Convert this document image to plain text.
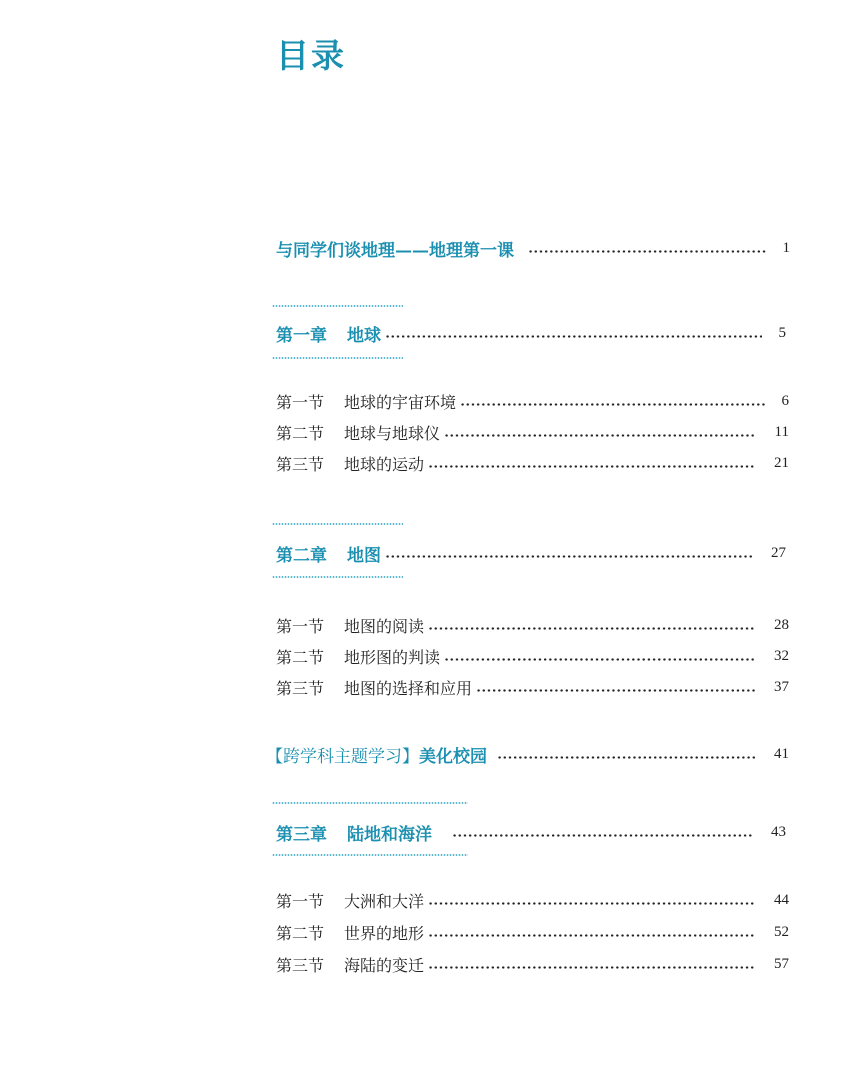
目录
与同学们谈地理——地理第一课	1
第一章 地球	5
第一节 地球的宇宙环境	6
第二节 地球与地球仪	11
第三节 地球的运动	21
第二章 地图	27
第一节 地图的阅读	28
第二节 地形图的判读	32
第三节 地图的选择和应用	37
【跨学科主题学习】美化校园	41
第三章 陆地和海洋	43
第一节 大洲和大洋	44
第二节 世界的地形	52
第三节 海陆的变迁	57
